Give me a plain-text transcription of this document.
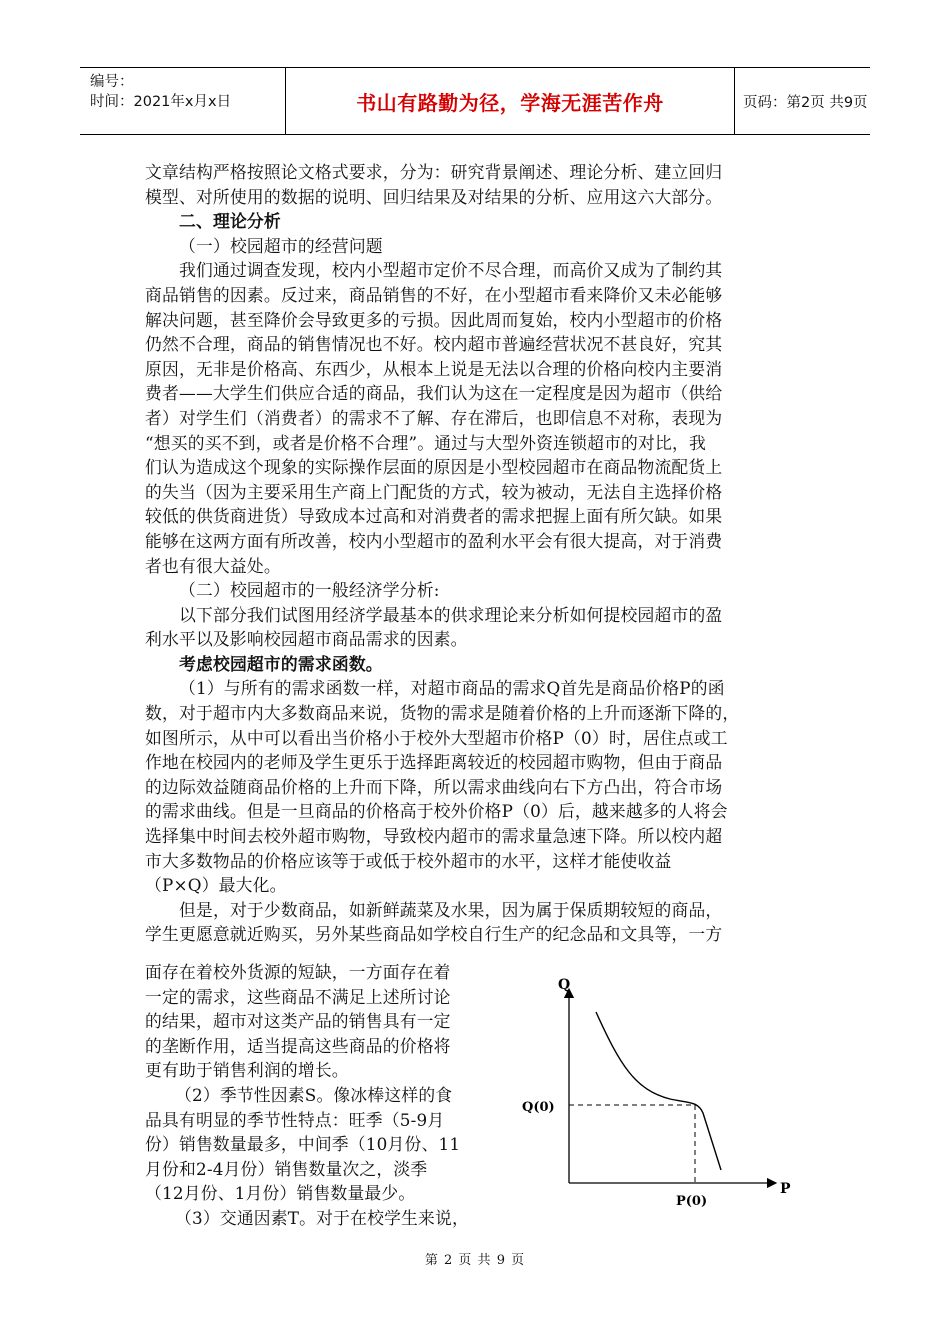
编号：
时间：2021年x月x日	书山有路勤为径，学海无涯苦作舟	页码：第2页 共9页
文章结构严格按照论文格式要求，分为：研究背景阐述、理论分析、建立回归
模型、对所使用的数据的说明、回归结果及对结果的分析、应用这六大部分。
二、理论分析
（一）校园超市的经营问题
我们通过调查发现，校内小型超市定价不尽合理，而高价又成为了制约其
商品销售的因素。反过来，商品销售的不好，在小型超市看来降价又未必能够
解决问题，甚至降价会导致更多的亏损。因此周而复始，校内小型超市的价格
仍然不合理，商品的销售情况也不好。校内超市普遍经营状况不甚良好，究其
原因，无非是价格高、东西少，从根本上说是无法以合理的价格向校内主要消
费者——大学生们供应合适的商品，我们认为这在一定程度是因为超市（供给
者）对学生们（消费者）的需求不了解、存在滞后，也即信息不对称，表现为
“想买的买不到，或者是价格不合理”。通过与大型外资连锁超市的对比，我
们认为造成这个现象的实际操作层面的原因是小型校园超市在商品物流配货上
的失当（因为主要采用生产商上门配货的方式，较为被动，无法自主选择价格
较低的供货商进货）导致成本过高和对消费者的需求把握上面有所欠缺。如果
能够在这两方面有所改善，校内小型超市的盈利水平会有很大提高，对于消费
者也有很大益处。
（二）校园超市的一般经济学分析:
以下部分我们试图用经济学最基本的供求理论来分析如何提校园超市的盈
利水平以及影响校园超市商品需求的因素。
考虑校园超市的需求函数。
（1）与所有的需求函数一样，对超市商品的需求Q首先是商品价格P的函
数，对于超市内大多数商品来说，货物的需求是随着价格的上升而逐渐下降的，
如图所示，从中可以看出当价格小于校外大型超市价格P（0）时，居住点或工
作地在校园内的老师及学生更乐于选择距离较近的校园超市购物，但由于商品
的边际效益随商品价格的上升而下降，所以需求曲线向右下方凸出，符合市场
的需求曲线。但是一旦商品的价格高于校外价格P（0）后，越来越多的人将会
选择集中时间去校外超市购物，导致校内超市的需求量急速下降。所以校内超
市大多数物品的价格应该等于或低于校外超市的水平，这样才能使收益
（P×Q）最大化。
但是，对于少数商品，如新鲜蔬菜及水果，因为属于保质期较短的商品，
学生更愿意就近购买，另外某些商品如学校自行生产的纪念品和文具等，一方
面存在着校外货源的短缺，一方面存在着
一定的需求，这些商品不满足上述所讨论
的结果，超市对这类产品的销售具有一定
的垄断作用，适当提高这些商品的价格将
更有助于销售利润的增长。
（2）季节性因素S。像冰棒这样的食
品具有明显的季节性特点：旺季（5-9月
份）销售数量最多，中间季（10月份、11
月份和2-4月份）销售数量次之，淡季
（12月份、1月份）销售数量最少。
（3）交通因素T。对于在校学生来说，
Q
P
Q(0)
P(0)
第 2 页 共 9 页
